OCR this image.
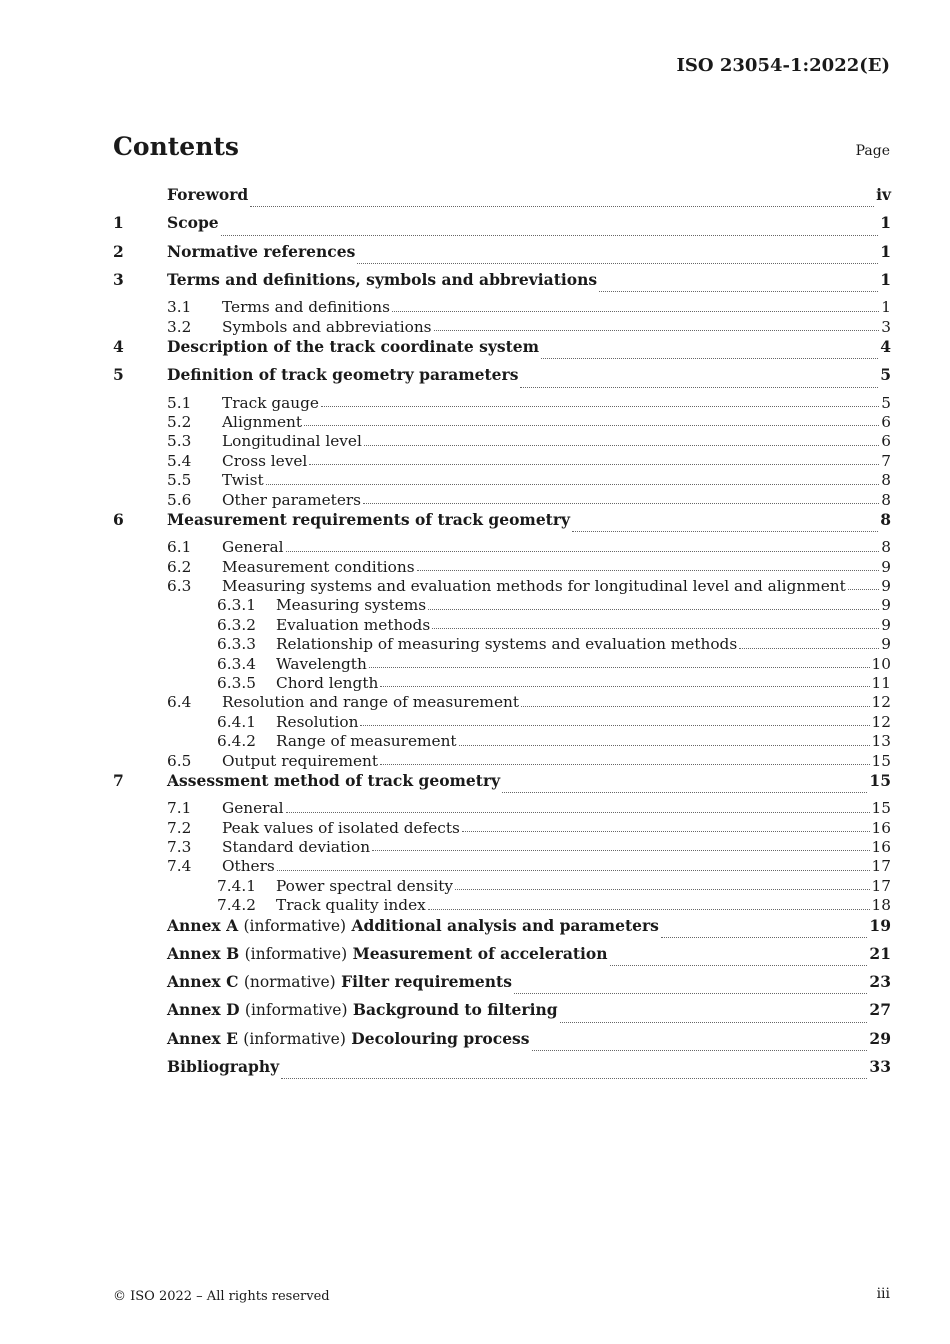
ISO 23054-1:2022(E)
Contents	Page
Foreword	iv
1	Scope	1
2	Normative references	1
3	Terms and definitions, symbols and abbreviations	1
3.1	Terms and definitions	1
3.2	Symbols and abbreviations	3
4	Description of the track coordinate system	4
5	Definition of track geometry parameters	5
5.1	Track gauge	5
5.2	Alignment	6
5.3	Longitudinal level	6
5.4	Cross level	7
5.5	Twist	8
5.6	Other parameters	8
6	Measurement requirements of track geometry	8
6.1	General	8
6.2	Measurement conditions	9
6.3	Measuring systems and evaluation methods for longitudinal level and alignment 9
6.3.1	Measuring systems	9
6.3.2	Evaluation methods	9
6.3.3	Relationship of measuring systems and evaluation methods	9
6.3.4	Wavelength	10
6.3.5	Chord length	11
6.4	Resolution and range of measurement	12
6.4.1	Resolution	12
6.4.2	Range of measurement	13
6.5	Output requirement	15
7	Assessment method of track geometry	15
7.1	General	15
7.2	Peak values of isolated defects	16
7.3	Standard deviation	16
7.4	Others	17
7.4.1	Power spectral density	17
7.4.2	Track quality index	18
Annex A (informative) Additional analysis and parameters	19
Annex B (informative) Measurement of acceleration	21
Annex C (normative) Filter requirements	23
Annex D (informative) Background to filtering	27
Annex E (informative) Decolouring process	29
Bibliography	33
© ISO 2022 – All rights reserved	iii
